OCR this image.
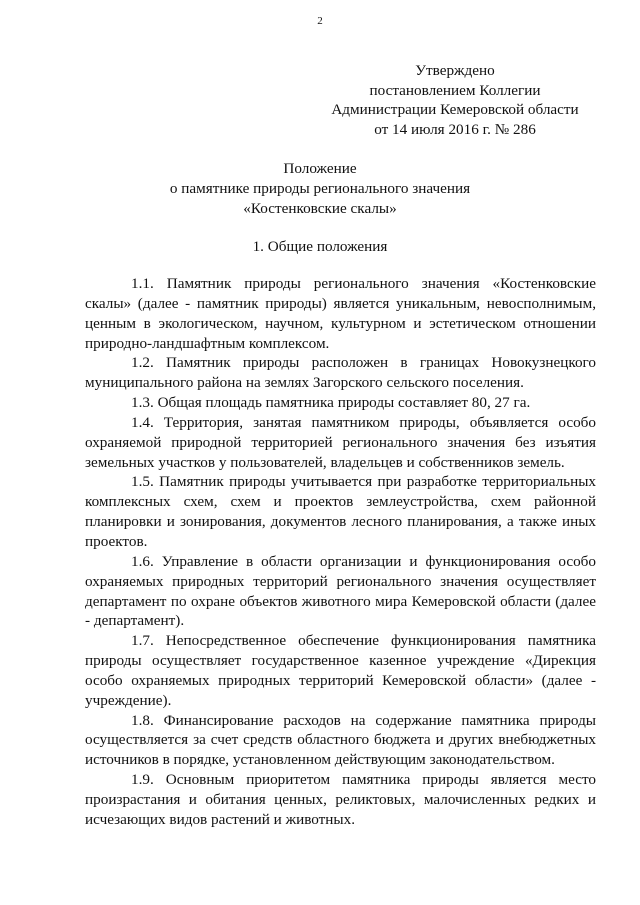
2
Утверждено
постановлением Коллегии
Администрации Кемеровской области
от 14 июля 2016 г. № 286
Положение
о памятнике природы регионального значения
«Костенковские скалы»
1. Общие положения

1.1. Памятник природы регионального значения «Костенковские скалы» (далее - памятник природы) является уникальным, невосполнимым, ценным в экологическом, научном, культурном и эстетическом отношении природно-ландшафтным комплексом.

1.2. Памятник природы расположен в границах Новокузнецкого муниципального района на землях Загорского сельского поселения.

1.3. Общая площадь памятника природы составляет 80, 27 га.

1.4. Территория, занятая памятником природы, объявляется особо охраняемой природной территорией регионального значения без изъятия земельных участков у пользователей, владельцев и собственников земель.

1.5. Памятник природы учитывается при разработке территориальных комплексных схем, схем и проектов землеустройства, схем районной планировки и зонирования, документов лесного планирования, а также иных проектов.

1.6. Управление в области организации и функционирования особо охраняемых природных территорий регионального значения осуществляет департамент по охране объектов животного мира Кемеровской области (далее - департамент).

1.7. Непосредственное обеспечение функционирования памятника природы осуществляет государственное казенное учреждение «Дирекция особо охраняемых природных территорий Кемеровской области» (далее - учреждение).

1.8. Финансирование расходов на содержание памятника природы осуществляется за счет средств областного бюджета и других внебюджетных источников в порядке, установленном действующим законодательством.

1.9. Основным приоритетом памятника природы является место произрастания и обитания ценных, реликтовых, малочисленных редких и исчезающих видов растений и животных.
